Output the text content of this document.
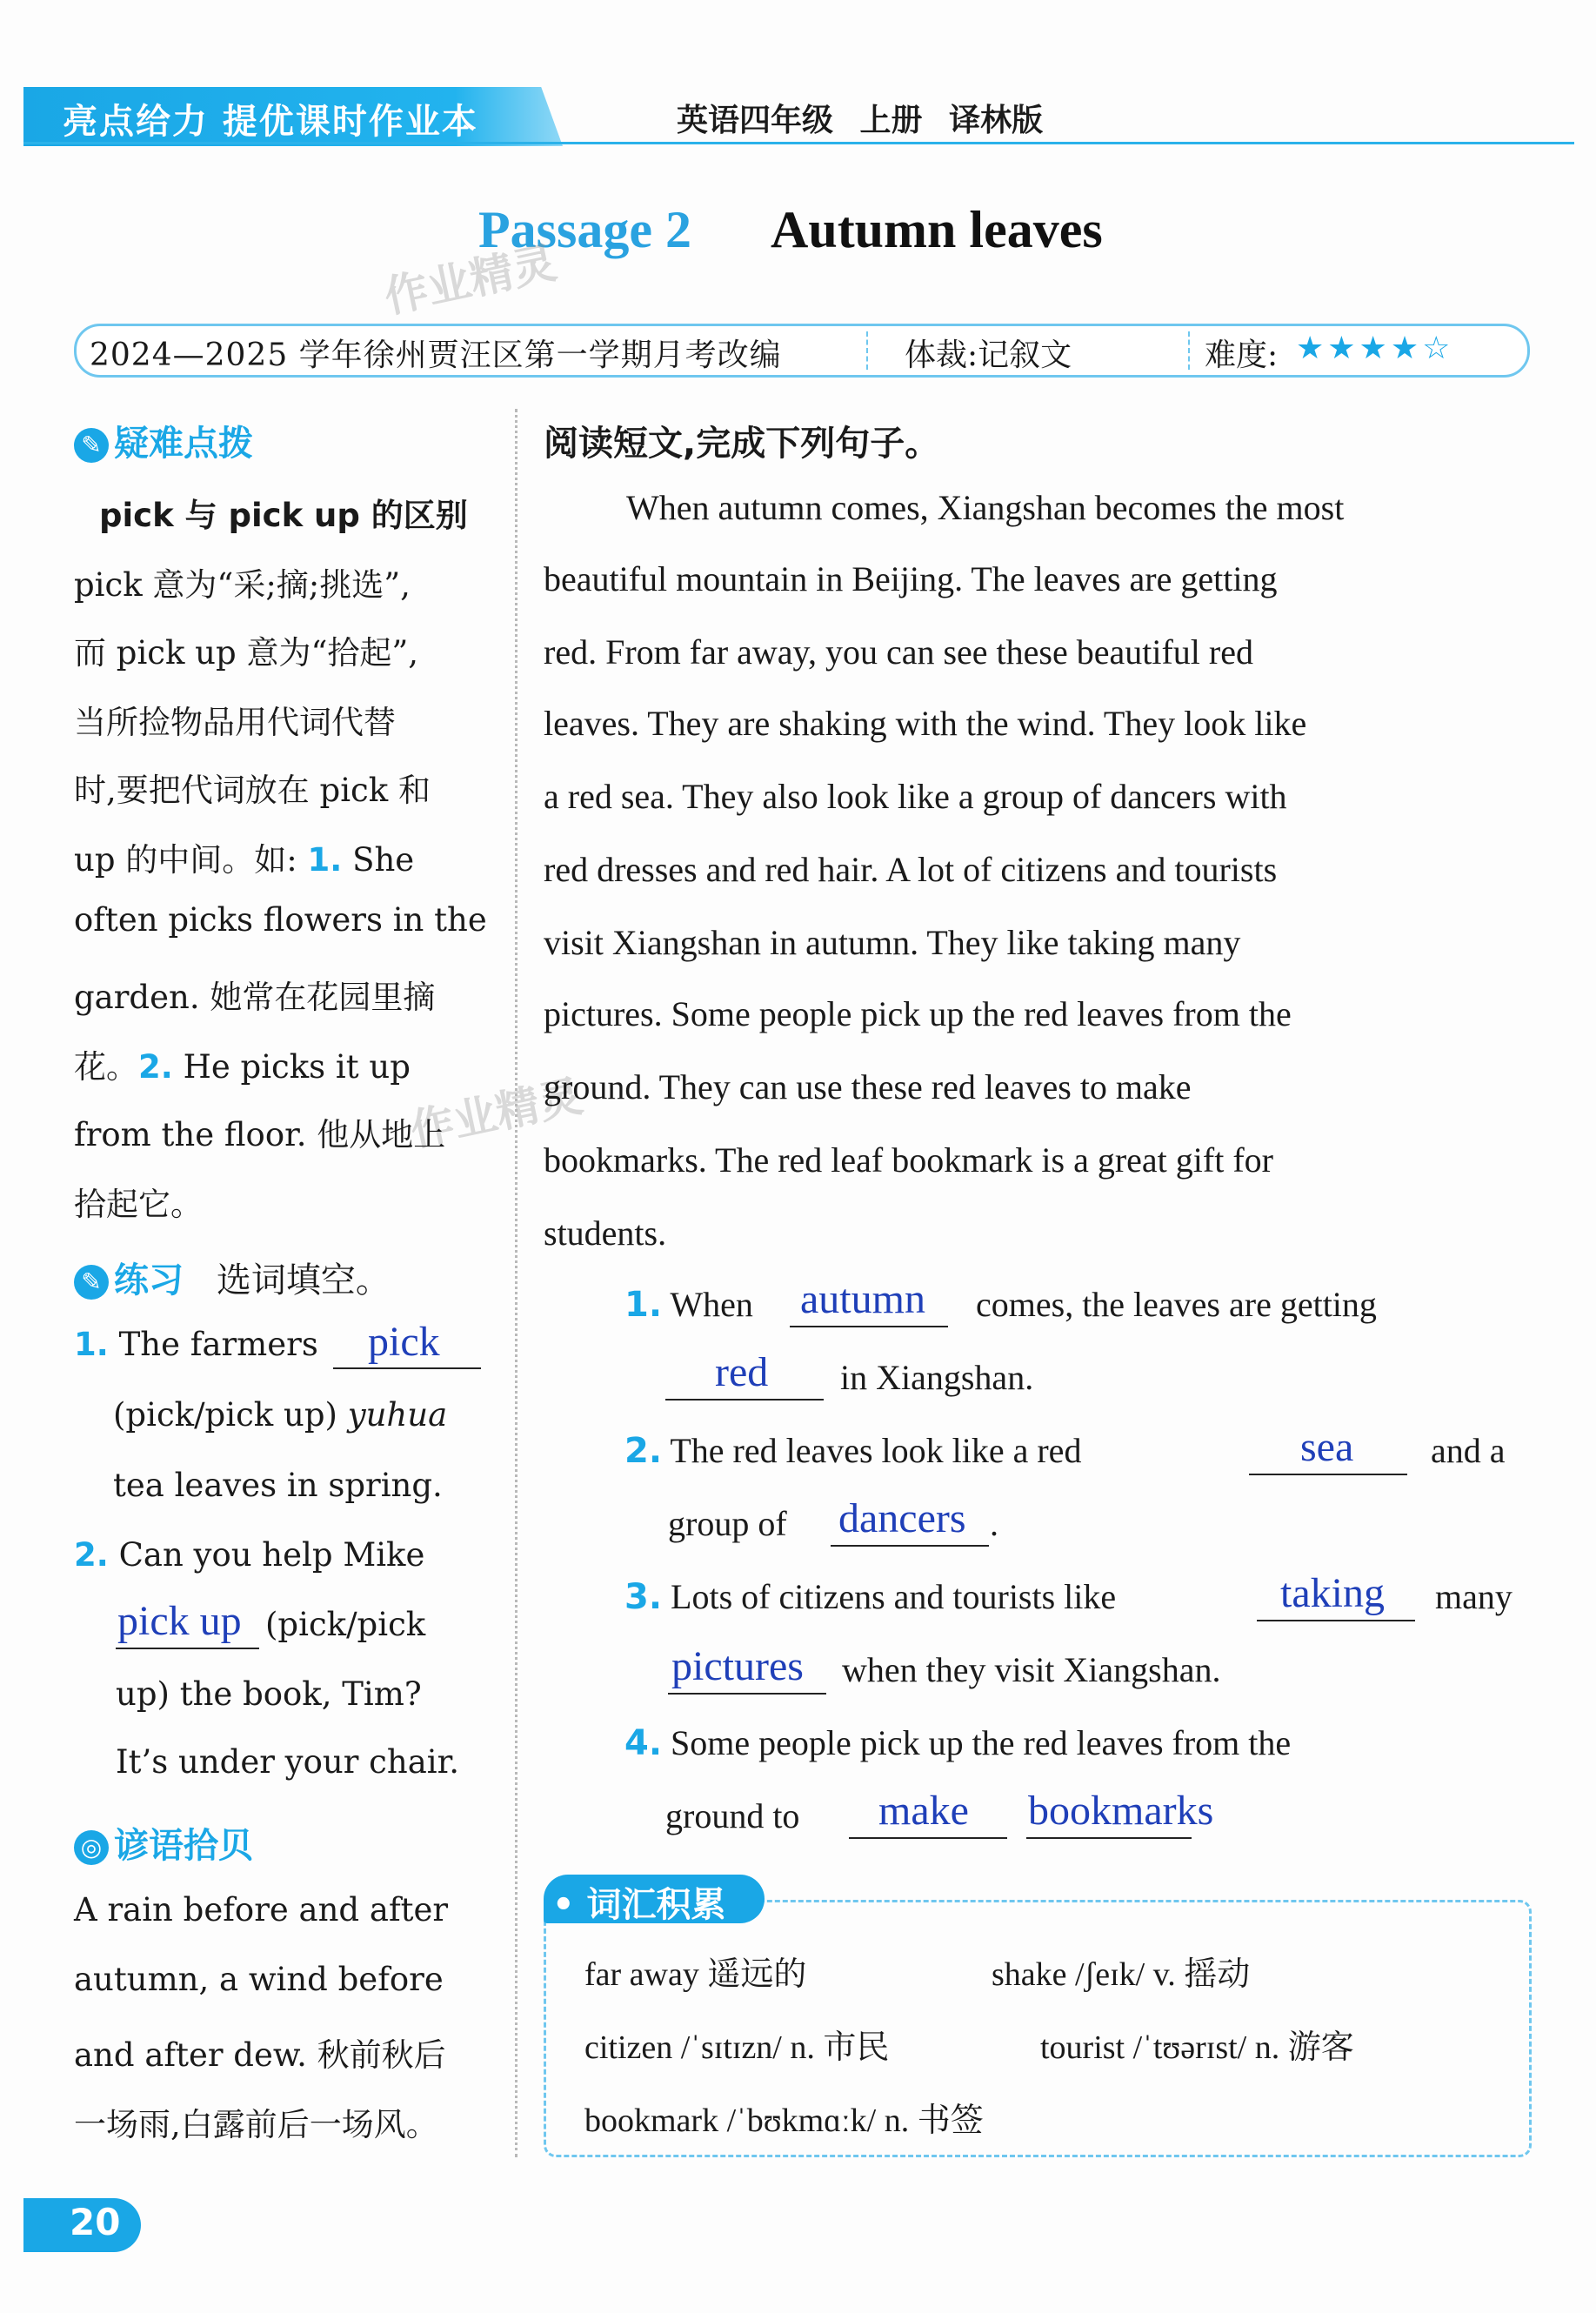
亮点给力 提优课时作业本	英语四年级 上册 译林版
Passage 2 Autumn leaves
作业精灵
作业精灵
2024—2025 学年徐州贾汪区第一学期月考改编	体裁:记叙文	难度: ★★★★☆
✎ 疑难点拨
pick 与 pick up 的区别
pick 意为“采;摘;挑选”,
而 pick up 意为“拾起”,
当所捡物品用代词代替
时,要把代词放在 pick 和
up 的中间。如: 1. She
often picks flowers in the
garden. 她常在花园里摘
花。2. He picks it up
from the floor. 他从地上
拾起它。
✎ 练习 选词填空。
1. The farmers pick
(pick/pick up) yuhua
tea leaves in spring.
2. Can you help Mike
pick up (pick/pick
up) the book, Tim?
It’s under your chair.
◎ 谚语拾贝
A rain before and after
autumn, a wind before
and after dew. 秋前秋后
一场雨,白露前后一场风。
阅读短文,完成下列句子。
When autumn comes, Xiangshan becomes the most
beautiful mountain in Beijing. The leaves are getting
red. From far away, you can see these beautiful red
leaves. They are shaking with the wind. They look like
a red sea. They also look like a group of dancers with
red dresses and red hair. A lot of citizens and tourists
visit Xiangshan in autumn. They like taking many
pictures. Some people pick up the red leaves from the
ground. They can use these red leaves to make
bookmarks. The red leaf bookmark is a great gift for
students.
1. When autumn comes, the leaves are getting
red in Xiangshan.
2. The red leaves look like a red	sea and a
group of dancers .
3. Lots of citizens and tourists like	taking many
pictures when they visit Xiangshan.
4. Some people pick up the red leaves from the
ground to make bookmarks
• 词汇积累
far away 遥远的	shake /ʃeɪk/ v. 摇动
citizen /ˈsɪtɪzn/ n. 市民	tourist /ˈtʊərɪst/ n. 游客
bookmark /ˈbʊkmɑːk/ n. 书签
20
